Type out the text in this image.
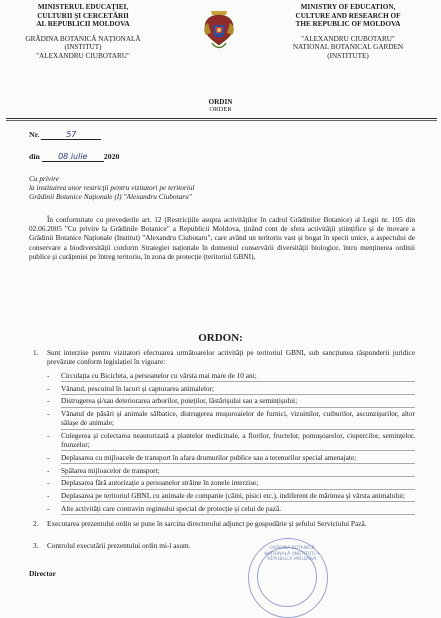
MINISTERUL EDUCAȚIEI,
CULTURII ȘI CERCETĂRII
AL REPUBLICII MOLDOVA
GRĂDINA BOTANICĂ NAȚIONALĂ
(INSTITUT)
"ALEXANDRU CIUBOTARU"
MINISTRY OF EDUCATION,
CULTURE AND RESEARCH OF
THE REPUBLIC OF MOLDOVA
"ALEXANDRU CIUBOTARU"
NATIONAL BOTANICAL GARDEN
(INSTITUTE)
ORDIN
ORDER
Nr.	57
din 08 iulie 2020
Cu privire
la instituirea unor restricții pentru vizitatori pe teritoriul
Grădinii Botanice Naționale (I) "Alexandru Ciubotaru"
În conformitate cu prevederile art. 12 (Restricțiile asupra activităților în cadrul Grădinilor Botanice) al Legii nr. 105 din 02.06.2005 "Cu privire la Grădinile Botanice" a Republicii Moldova, ținând cont de sfera activității științifice și de inovare a Grădinii Botanice Naționale (Institut) "Alexandru Ciubotaru", care având un teritoriu vast și bogat în specii unice, a aspectului de conservare a biodiversității conform Strategiei naționale în domeniul conservării diversității biologice, întru menținerea ordinii publice și curățeniei pe întreg teritoriu, în zona de protecție (teritoriul GBNI),
ORDON:
1. Sunt interzise pentru vizitatori efectuarea următoarelor activități pe teritoriul GBNI, sub sancțiunea răspunderii juridice prevăzute conform legislației în vigoare:
-	Circulația cu Bicicleta, a persoanelor cu vârsta mai mare de 10 ani;
-	Vânatul, pescuitul în lacuri și capturarea animalelor;
-	Distrugerea și/sau deteriorarea arborilor, puieților, lăstărișului sau a semințișului;
-	Vânatul de păsări și animale sălbatice, distrugerea mușuroaielor de furnici, vizuinilor, cuiburilor, ascunzișurilor, altor sălașe de animale;
-	Culegerea și colectarea neautorizată a plantelor medicinale, a florilor, fructelor, pomușoarelor, ciupercilor, semințelor, frunzelor;
-	Deplasarea cu mijloacele de transport în afara drumurilor publice sau a terenurilor special amenajate;
-	Spălarea mijloacelor de transport;
-	Deplasarea fără autorizație a persoanelor străine în zonele interzise;
-	Deplasarea pe teritoriul GBNI, cu animale de companie (câini, pisici etc.), indiferent de mărimea și vârsta animalului;
-	Alte activități care contravin regimului special de protecție și celui de pază.
2. Executarea prezentului ordin se pune în sarcina directorului adjunct pe gospodărie și șefului Serviciului Pază.
3. Controlul executării prezentului ordin mi-l asum.
Director
GRĂDINA BOTANICĂ NAȚIONALĂ (INSTITUT) • REPUBLICA MOLDOVA
